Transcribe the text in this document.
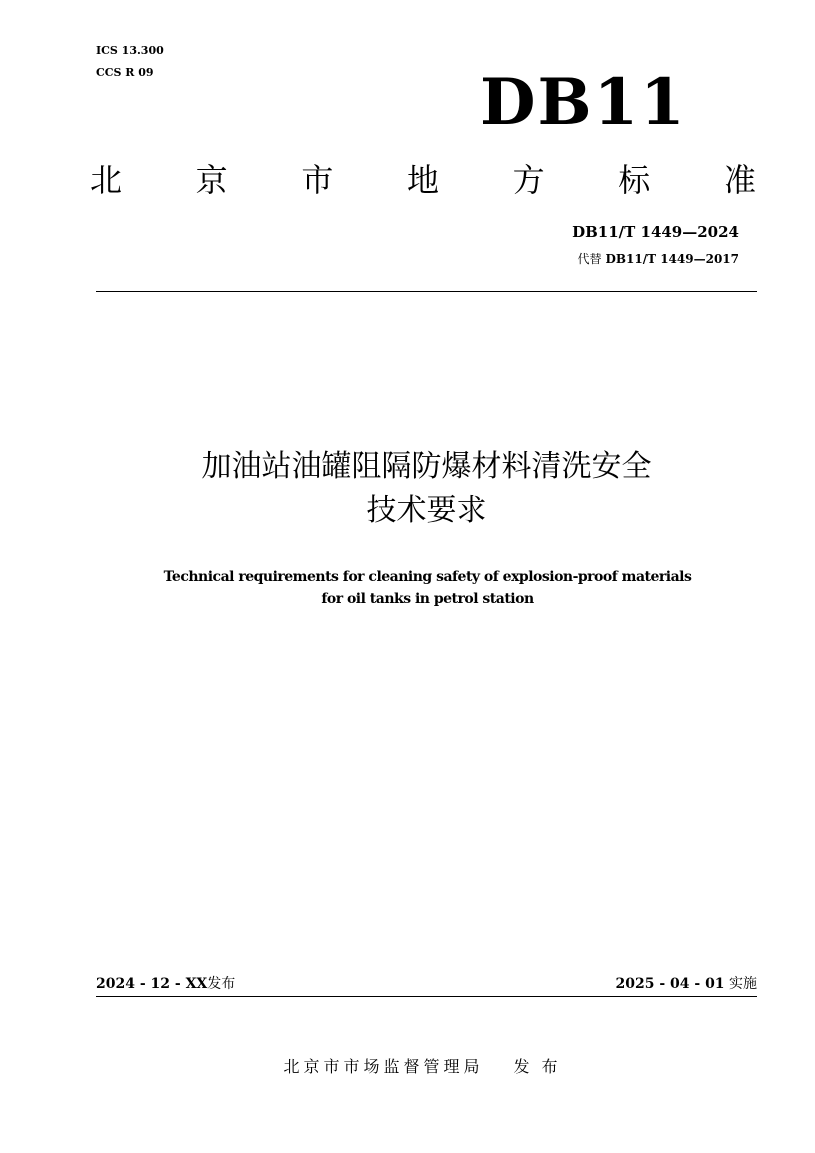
ICS 13.300
CCS R 09	DB11
北 京 市 地 方 标 准
DB11/T 1449—2024
代替 DB11/T 1449—2017
加油站油罐阻隔防爆材料清洗安全
技术要求
Technical requirements for cleaning safety of explosion-proof materials
for oil tanks in petrol station
2024 - 12 - XX发布	2025 - 04 - 01 实施
北京市市场监督管理局 发布
